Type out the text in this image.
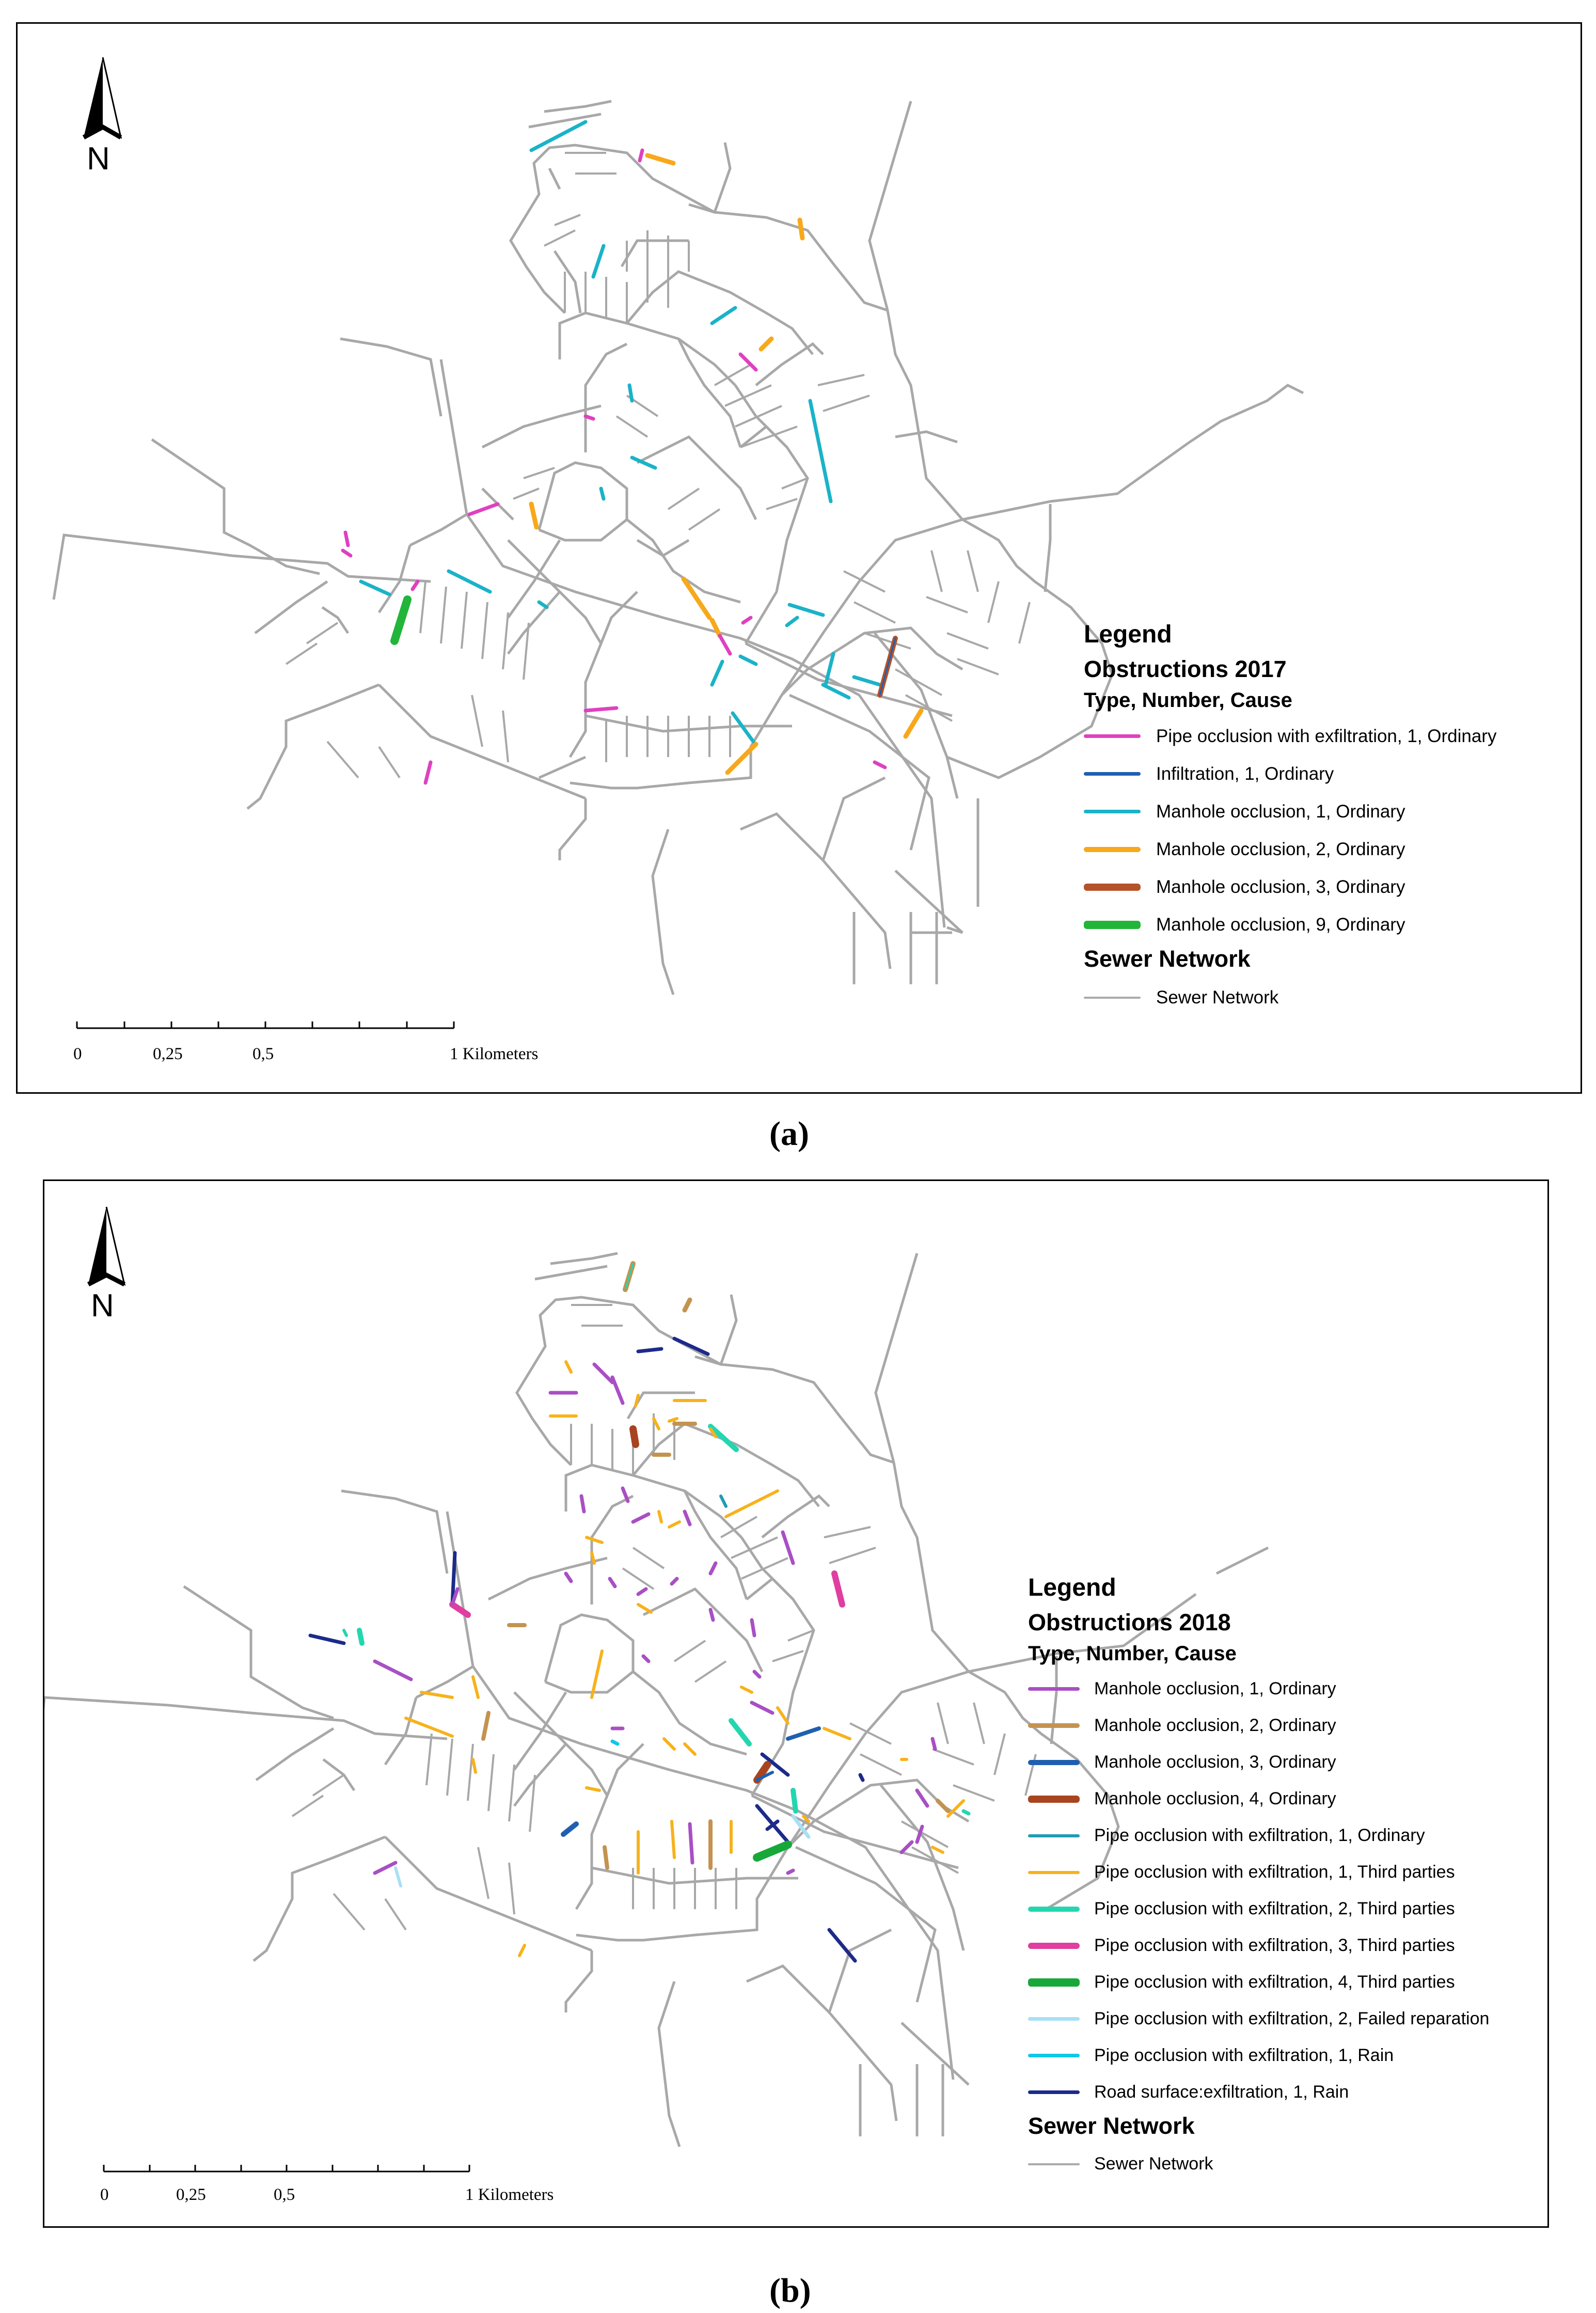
N
0	0,25	0,5	1 Kilometers
Legend
Obstructions 2017
Type, Number, Cause
Pipe occlusion with exfiltration, 1, Ordinary
Infiltration, 1, Ordinary
Manhole occlusion, 1, Ordinary
Manhole occlusion, 2, Ordinary
Manhole occlusion, 3, Ordinary
Manhole occlusion, 9, Ordinary
Sewer Network
Sewer Network
(a)
N
0	0,25	0,5	1 Kilometers
Legend
Obstructions 2018
Type, Number, Cause
Manhole occlusion, 1, Ordinary
Manhole occlusion, 2, Ordinary
Manhole occlusion, 3, Ordinary
Manhole occlusion, 4, Ordinary
Pipe occlusion with exfiltration, 1, Ordinary
Pipe occlusion with exfiltration, 1, Third parties
Pipe occlusion with exfiltration, 2, Third parties
Pipe occlusion with exfiltration, 3, Third parties
Pipe occlusion with exfiltration, 4, Third parties
Pipe occlusion with exfiltration, 2, Failed reparation
Pipe occlusion with exfiltration, 1, Rain
Road surface:exfiltration, 1, Rain
Sewer Network
Sewer Network
(b)
